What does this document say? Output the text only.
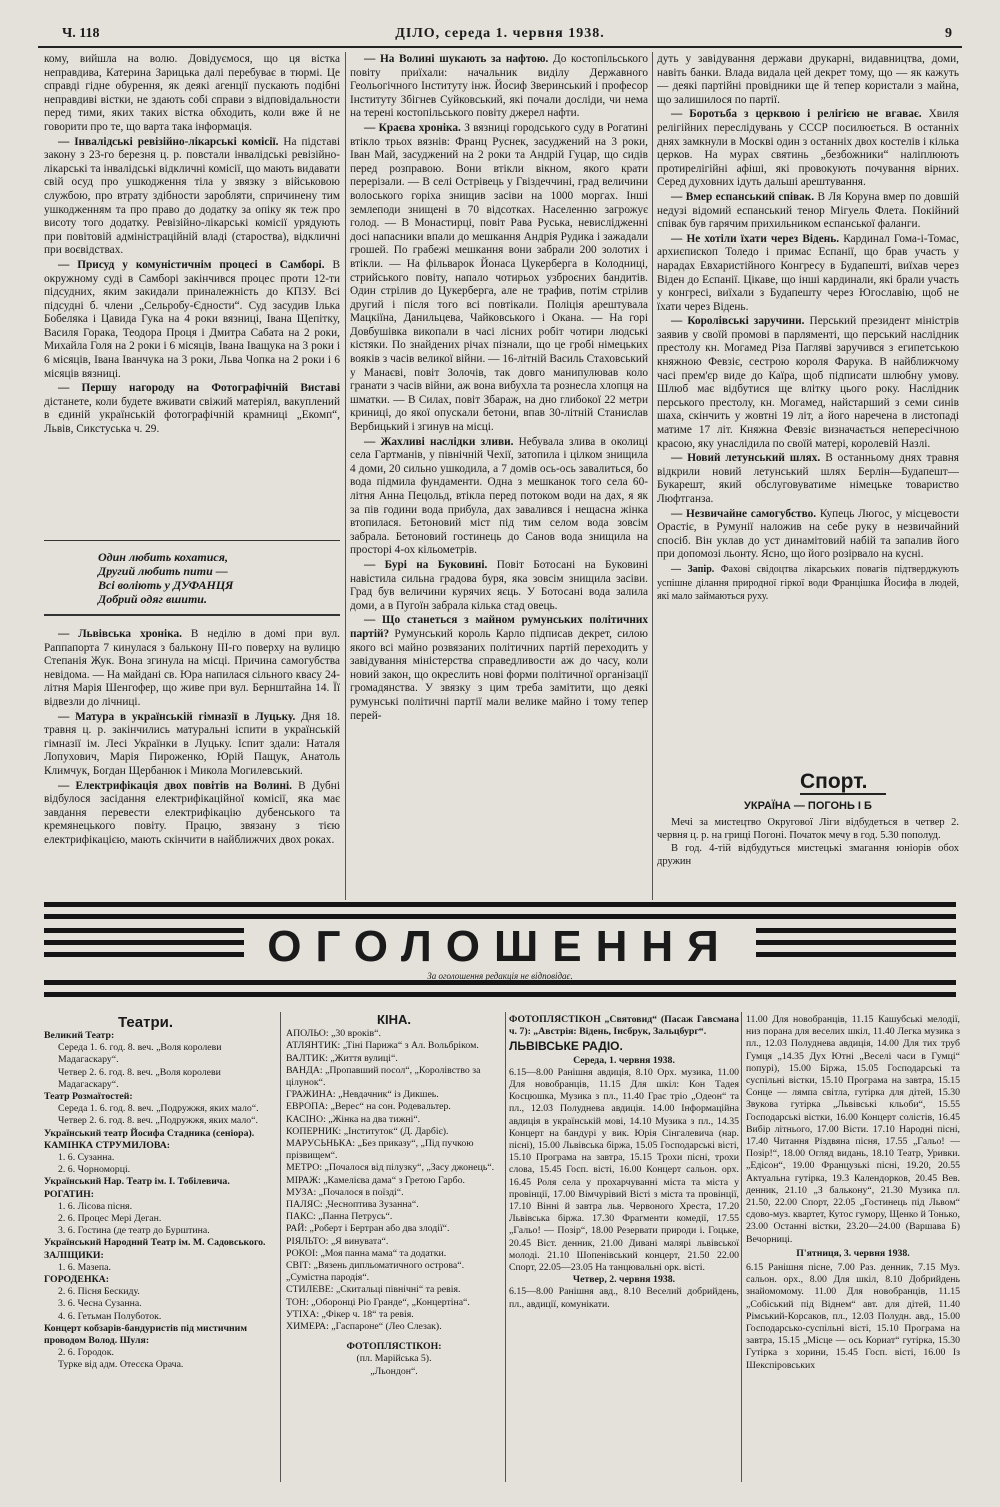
Ч. 118	ДІЛО, середа 1. червня 1938.	9

кому, вийшла на волю. Довідуємося, що ця вістка неправдива, Катерина Зарицька далі перебуває в тюрмі. Це справді гідне обурення, як деякі агенції пускають подібні неправдиві вістки, не здають собі справи з відповідальности перед тими, яких таких вістка обходить, коли вже й не говорити про те, що варта така інформація.

— Інвалідські ревізійно-лікарські комісії. На підставі закону з 23-го березня ц. р. повстали інвалідські ревізійно-лікарські та інвалідські відкличні комісії, що мають видавати свій осуд про ушкодження тіла у звязку з військовою службою, про втрату здібности заробляти, спричинену тим ушкодженням та про право до додатку за опіку як теж про висоту того додатку. Ревізійно-лікарські комісії урядують при повітовій адміністраційній владі (староства), відкличні при воєвідствах.

— Присуд у комуністичнім процесі в Самборі. В окружному суді в Самборі закінчився процес проти 12-ти підсудних, яким закидали приналежність до КПЗУ. Всі підсудні б. члени „Сельробу-Єдности“. Суд засудив Ілька Бобеляка і Цавида Гука на 4 роки вязниці, Івана Щепітку, Василя Горака, Теодора Проця і Дмитра Сабата на 2 роки, Михайла Голя на 2 роки і 6 місяців, Івана Іващука на 3 роки і 6 місяців, Івана Іванчука на 3 роки, Льва Чопка на 2 роки і 6 місяців вязниці.

— Першу нагороду на Фотографічній Виставі дістанете, коли будете вживати свіжий матеріял, вакуплений в єдиній українській фотографічній крамниці „Екомп“, Львів, Сикстуська ч. 29.

Один любить кохатися,
Другий любить пити —
Всі воліють у ДУФАНЦЯ
Добрий одяг вшити.

— Львівська хроніка. В неділю в домі при вул. Раппапорта 7 кинулася з балькону III-го поверху на вулицю Степанія Жук. Вона згинула на місці. Причина самогубства невідома. — На майдані св. Юра напилася сільного квасу 24-літня Марія Шенгофер, що живе при вул. Бернштайна 14. Її відвезли до лічниці.

— Матура в українській гімназії в Луцьку. Дня 18. травня ц. р. закінчились матуральні іспити в українській гімназії ім. Лесі Українки в Луцьку. Іспит здали: Наталя Лопухович, Марія Пироженко, Юрій Пащук, Анатоль Климчук, Богдан Щербанюк і Микола Могилевський.

— Електрифікація двох повітів на Волині. В Дубні відбулося засідання електрифікаційної комісії, яка має завдання перевести електрифікацію дубенського та кремянецького повіту. Працю, звязану з тією електрифікацією, мають скінчити в найближчих двох роках.

— На Волині шукають за нафтою. До костопільського повіту приїхали: начальник виділу Державного Геольогічного Інституту інж. Йосиф Зверинський і професор Інституту Збігнев Суйковський, які почали досліди, чи нема на терені костопільського повіту джерел нафти.

— Краєва хроніка. З вязниці городського суду в Рогатині втікло трьох вязнів: Франц Руснек, засуджений на 3 роки, Іван Май, засуджений на 2 роки та Андрій Гуцар, що сидів перед розправою. Вони втікли вікном, якого крати перерізали. — В селі Острівець у Гвіздеччині, град величини волоського горіха знищив засіви на 1000 моргах. Інші землеподи знищені в 70 відсотках. Населенню загрожує голод. — В Монастирці, повіт Рава Руська, невислідженні досі напасники впали до мешкання Андрія Рудика і зажадали грошей. По грабежі мешкання вони забрали 200 золотих і втікли. — На фільварок Йонаса Цукерберга в Колодниці, стрийського повіту, напало чотирьох узброєних бандитів. Один стрілив до Цукерберга, але не трафив, потім стрілив другий і після того всі повтікали. Поліція арештувала Мацкіїна, Данильцева, Чайковського і Окана. — На горі Довбушівка викопали в часі лісних робіт чотири людські кістяки. По знайдених річах пізнали, що це гробі німецьких вояків з часів великої війни. — 16-літній Василь Стаховський у Манаєві, повіт Золочів, так довго манипулював коло гранати з часів війни, аж вона вибухла та рознесла хлопця на шматки. — В Силах, повіт Збараж, на дно глибокої 22 метри криниці, до якої опускали бетони, впав 30-літній Станислав Вербицький і згинув на місці.

— Жахливі наслідки зливи. Небувала злива в околиці села Гартманів, у північній Чехії, затопила і цілком знищила 4 доми, 20 сильно ушкодила, а 7 домів ось-ось завалиться, бо вода підмила фундаменти. Одна з мешканок того села 60-літня Анна Пецольд, втікла перед потоком води на дах, я як за пів години вода прибула, дах завалився і нещасна жінка втопилася. Бетоновий міст під тим селом вода зовсім забрала. Бетоновий гостинець до Санов вода знищила на просторі 4-ох кільометрів.

— Бурі на Буковині. Повіт Ботосані на Буковині навістила сильна градова буря, яка зовсім знищила засіви. Град був величини курячих яєць. У Ботосані вода залила доми, а в Пугоїн забрала кілька стад овець.

— Що станеться з майном румунських політичних партій? Румунський король Карло підписав декрет, силою якого всі майно розвязаних політичних партій переходить у завідування міністерства справедливости аж до часу, коли новий закон, що окреслить нові форми політичної організації громадянства. У звязку з цим треба замітити, що деякі румунські політичні партії мали велике майно і тому тепер перей-

дуть у завідування держави друкарні, видавництва, доми, навіть банки. Влада видала цей декрет тому, що — як кажуть — деякі партійні провідники ще й тепер користали з майна, що залишилося по партії.

— Боротьба з церквою і релігією не вгаває. Хвиля релігійних переслідувань у СССР посилюється. В останніх днях замкнули в Москві один з останніх двох костелів і кілька церков. На мурах святинь „безбожники“ наліплюють протирелігійні афіші, які провокують почування вірних. Серед духовних ідуть дальші арештування.

— Вмер еспанський співак. В Ля Коруна вмер по довшій недузі відомий еспанський тенор Мігуель Флета. Покійний співак був гарячим прихильником еспанської фаланги.

— Не хотіли їхати через Відень. Кардинал Гома-і-Томас, архиєпископ Толедо і примас Еспанії, що брав участь у нарадах Евхаристійного Конгресу в Будапешті, виїхав через Віден до Еспанії. Цікаве, що інші кардинали, які брали участь у конгресі, виїхали з Будапешту через Югославію, щоб не їхати через Відень.

— Королівські заручини. Перський президент міністрів заявив у своїй промові в парляменті, що перський наслідник престолу кн. Могамед Різа Пагляві заручився з египетською княжною Февзіє, сестрою короля Фарука. В найближчому часі прем'єр виде до Каїра, щоб підписати шлюбну умову. Шлюб має відбутися ще влітку цього року. Наслідник перського престолу, кн. Могамед, найстарший з семи синів шаха, скінчить у жовтні 19 літ, а його наречена в листопаді матиме 17 літ. Княжна Февзіє визначається непересічною красою, яку унаслідила по своїй матері, королевій Назлі.

— Новий летунський шлях. В останньому днях травня відкрили новий летунський шлях Берлін—Будапешт—Букарешт, який обслуговуватиме німецьке товариство Люфтганза.

— Незвичайне самогубство. Купець Люгос, у місцевости Орастіє, в Румунії наложив на себе руку в незвичайний спосіб. Він уклав до уст динамітовий набій та запалив його при допомозі льонту. Ясно, що його розірвало на куснi.

— Запір. Фахові свідоцтва лікарських повагів підтверджують успішне ділання природної гіркої води Францішка Йосифа в людей, які мало займаються руху.

Спорт.
УКРАЇНА — ПОГОНЬ І Б

Мечі за мистецтво Округової Ліги відбудеться в четвер 2. червня ц. р. на грищі Погоні. Початок мечу в год. 5.30 пополуд.

В год. 4-тій відбудуться мистецькі змагання юніорів обох дружин

ОГОЛОШЕННЯ
За оголошення редакція не відповідає.
Театри.
Великий Театр:
Середа 1. 6. год. 8. веч. „Воля королеви Мадагаскару“.
Четвер 2. 6. год. 8. веч. „Воля королеви Мадагаскару“.
Театр Розмаїтостей:
Середа 1. 6. год. 8. веч. „Подружжя, яких мало“.
Четвер 2. 6. год. 8. веч. „Подружжя, яких мало“.
Український театр Йосифа Стадника (сеніора).
КАМІНКА СТРУМИЛОВА:
1. 6. Сузанна.
2. 6. Чорноморці.
Український Нар. Театр ім. І. Тобілевича.
РОГАТИН:
1. 6. Лісова пісня.
2. 6. Процес Мері Деган.
3. 6. Гостина (де театр до Бурштина.
Український Народний Театр ім. М. Садовського.
ЗАЛІЩИКИ:
1. 6. Мазепа.
ГОРОДЕНКА:
2. 6. Пісня Бескиду.
3. 6. Чесна Сузанна.
4. 6. Гетьман Полуботок.
Концерт кобзарів-бандуристів під мистичним проводом Волод. Шуля:
2. 6. Городок.
Турке від адм. Отесєка Орача.
КІНА.
АПОЛЬО: „30 вроків“.
АТЛЯНТИК: „Тіні Парижа“ з Ал. Вольбріком.
ВАЛТИК: „Життя вулиці“.
ВАНДА: „Пропавший посол“, „Королівство за цілунок“.
ГРАЖИНА: „Невдачник“ із Дикшеь.
ЕВРОПА: „Верес“ на сон. Родевальтер.
КАСІНО: „Жінка на два тижні“.
КОПЕРНИК: „Інституток“ (Д. Дарбіє).
МАРУСЬНЬКА: „Без приказу“, „Під пучкою прізвищем“.
МЕТРО: „Почалося від пілузку“, „Засу джонець“.
МІРАЖ: „Камелієва дама“ з Гретою Гарбо.
МУЗА: „Почалося в поїзді“.
ПАЛЯС: „Чесноптива Зузанна“.
ПАКС: „Панна Петрусь“.
РАЙ: „Роберт і Бертран або два злодії“.
РІЯЛЬТО: „Я винувата“.
РОКОІ: „Моя панна мама“ та додатки.
СВІТ: „Вязень дипльоматичного острова“. „Сумістна пародія“.
СТИЛЕВЕ: „Скитальці північні“ та ревія.
ТОН: „Оборонці Ріо Гранде“, „Концертіна“.
УТІХА: „Фікер ч. 18“ та ревія.
ХИМЕРА: „Гаспароне“ (Лео Слезак).
ФОТОПЛЯСТІКОН:
(пл. Марійська 5).
„Льондон“.

ФОТОПЛЯСТІКОН „Святовид“ (Пасаж Гавсмана ч. 7): „Австрія: Відень, Інсбрук, Зальцбург“.

ЛЬВІВСЬКЕ РАДІО.

Середа, 1. червня 1938.

6.15—8.00 Ранішня авдиція, 8.10 Орх. музика, 11.00 Для новобранців, 11.15 Для шкіл: Кон Тадея Косцюшка, Музика з пл., 11.40 Грає тріо „Одеон“ та пл., 12.03 Полуднева авдиція. 14.00 Інформаційна авдиція в українській мові, 14.10 Музика з пл., 14.35 Концерт на бандурі у вик. Юрія Сінгалевича (нар. пісні), 15.00 Львівська біржа, 15.05 Господарські вісті, 15.10 Програма на завтра, 15.15 Трохи пісні, трохи слова, 15.45 Госп. вісті, 16.00 Концерт сальон. орх. 16.45 Роля села у прохарчуванні міста та міста у провінції, 17.00 Вімчурівий Вісті з міста та провінції, 17.10 Вінні й завтра льв. Червоного Хреста, 17.20 Львівська біржа. 17.30 Фрагменти комедії, 17.55 „Гальо! — Позір“, 18.00 Резервати природи і. Гоцьке, 20.45 Віст. денник, 21.00 Дивані малярі львівської молоді. 21.10 Шопенівський концерт, 21.50 22.00 Спорт, 22.05—23.05 На танцювальні орк. вісті.

Четвер, 2. червня 1938.

6.15—8.00 Ранішня авд., 8.10 Веселий добрийдень, пл., авдиції, комунікати.

11.00 Для новобранців, 11.15 Кашубські мелодії, низ порана для веселих шкіл, 11.40 Легка музика з пл., 12.03 Полуднева авдиція, 14.00 Для тих труб Гумця „14.35 Дух Ютні „Веселі часи в Гумці“ попурі), 15.00 Біржа, 15.05 Господарські та суспільні вістки, 15.10 Програма на завтра, 15.15 Сонце — лямпа світла, гутірка для дітей, 15.30 Звукова гутірка „Львівські кльоби“, 15.55 Господарські вістки, 16.00 Концерт солістів, 16.45 Вибір літнього, 17.00 Вісти. 17.10 Народні пісні, 17.40 Читання Різдвяна пісня, 17.55 „Гальо! — Позір!“, 18.00 Огляд видань, 18.10 Театр, Уривки. „Едісон“, 19.00 Французькі пісні, 19.20, 20.55 Актуальна гутірка, 19.3 Календорков, 20.45 Вев. денник, 21.10 „З балькону“, 21.30 Музика пл. 21.50, 22.00 Спорт, 22.05 „Гостинець під Львом“ сдово-муз. квартет, Кутос гумору, Щенко й Тонько, 23.00 Останні вістки, 23.20—24.00 (Варшава Б) Вечорниці.

П'ятниця, 3. червня 1938.

6.15 Ранішня піснe, 7.00 Раз. денник, 7.15 Муз. сальон. орх., 8.00 Для шкіл, 8.10 Добрийдень знайомомому. 11.00 Для новобранців, 11.15 „Собіський під Віднем“ авт. для дітей, 11.40 Рімський-Корсаков, пл., 12.03 Полудн. авд., 15.00 Господарсько-суспільні вісті, 15.10 Програма на завтра, 15.15 „Місце — ось Кориат“ гутірка, 15.30 Гутірка з хорини, 15.45 Госп. вісті, 16.00 Із Шекспіровських
